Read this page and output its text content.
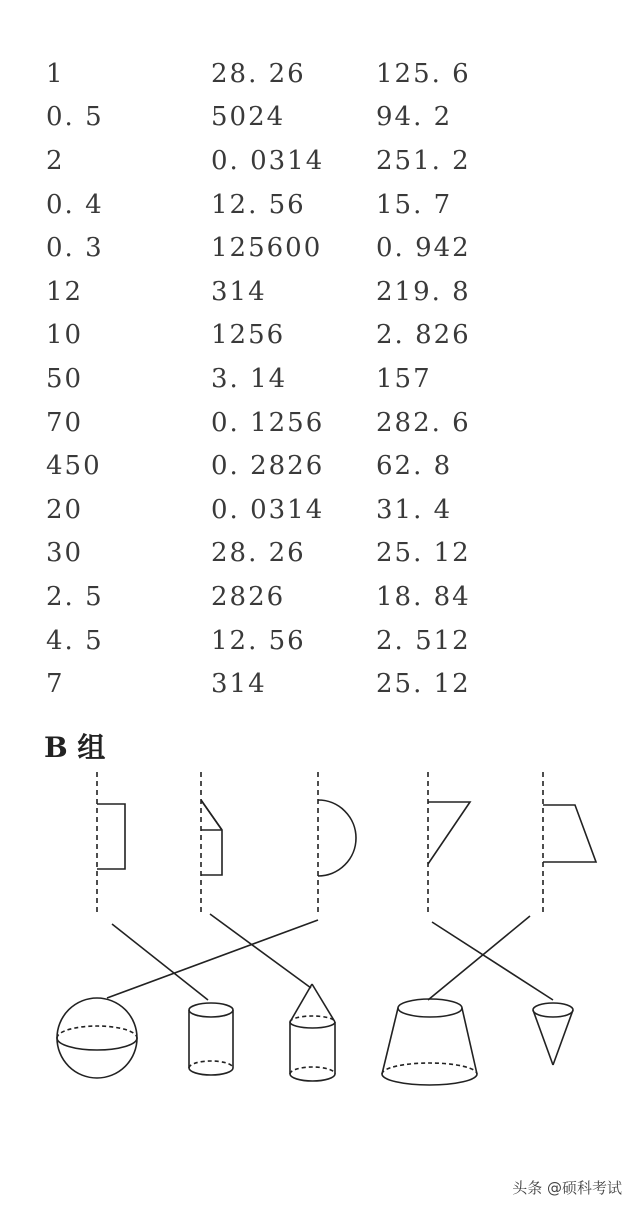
1	28. 26	125. 6
0. 5	5024	94. 2
2	0. 0314	251. 2
0. 4	12. 56	15. 7
0. 3	125600	0. 942
12	314	219. 8
10	1256	2. 826
50	3. 14	157
70	0. 1256	282. 6
450	0. 2826	62. 8
20	0. 0314	31. 4
30	28. 26	25. 12
2. 5	2826	18. 84
4. 5	12. 56	2. 512
7	314	25. 12
B 组
头条 @硕科考试
